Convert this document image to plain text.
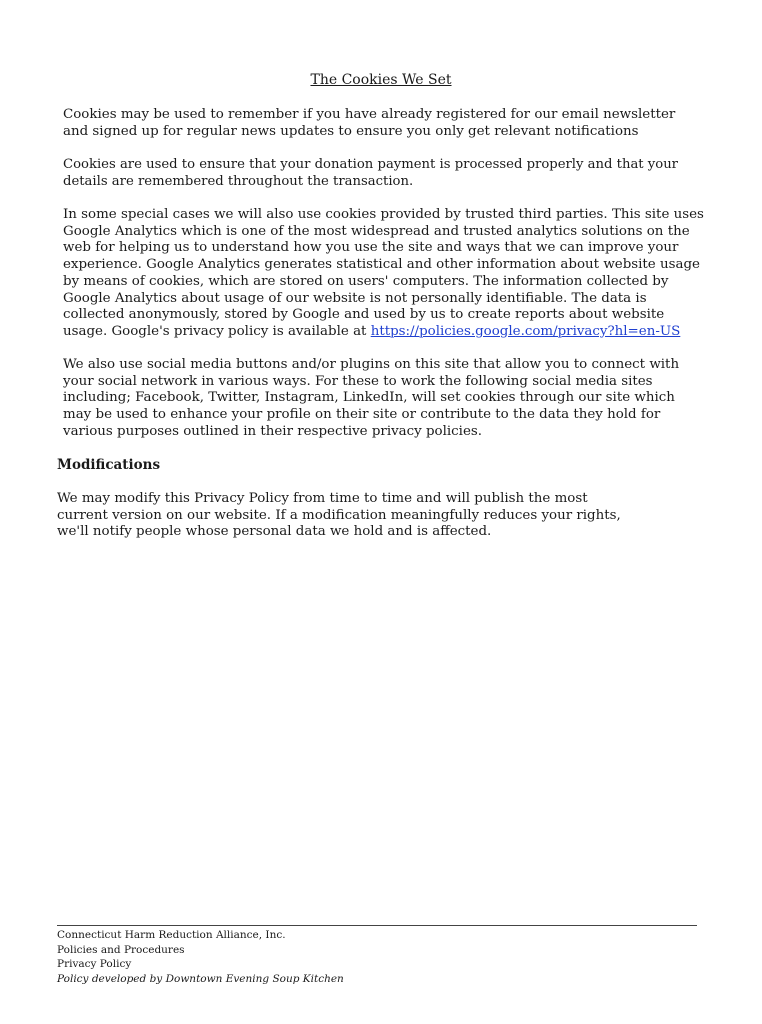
The Cookies We Set

Cookies may be used to remember if you have already registered for our email newsletter and signed up for regular news updates to ensure you only get relevant notifications

Cookies are used to ensure that your donation payment is processed properly and that your details are remembered throughout the transaction.

In some special cases we will also use cookies provided by trusted third parties. This site uses Google Analytics which is one of the most widespread and trusted analytics solutions on the web for helping us to understand how you use the site and ways that we can improve your experience. Google Analytics generates statistical and other information about website usage by means of cookies, which are stored on users' computers. The information collected by Google Analytics about usage of our website is not personally identifiable. The data is collected anonymously, stored by Google and used by us to create reports about website usage. Google's privacy policy is available at https://policies.google.com/privacy?hl=en-US

We also use social media buttons and/or plugins on this site that allow you to connect with your social network in various ways. For these to work the following social media sites including; Facebook, Twitter, Instagram, LinkedIn, will set cookies through our site which may be used to enhance your profile on their site or contribute to the data they hold for various purposes outlined in their respective privacy policies.

Modifications

We may modify this Privacy Policy from time to time and will publish the most current version on our website. If a modification meaningfully reduces your rights, we'll notify people whose personal data we hold and is affected.

Connecticut Harm Reduction Alliance, Inc.
Policies and Procedures
Privacy Policy
Policy developed by Downtown Evening Soup Kitchen
